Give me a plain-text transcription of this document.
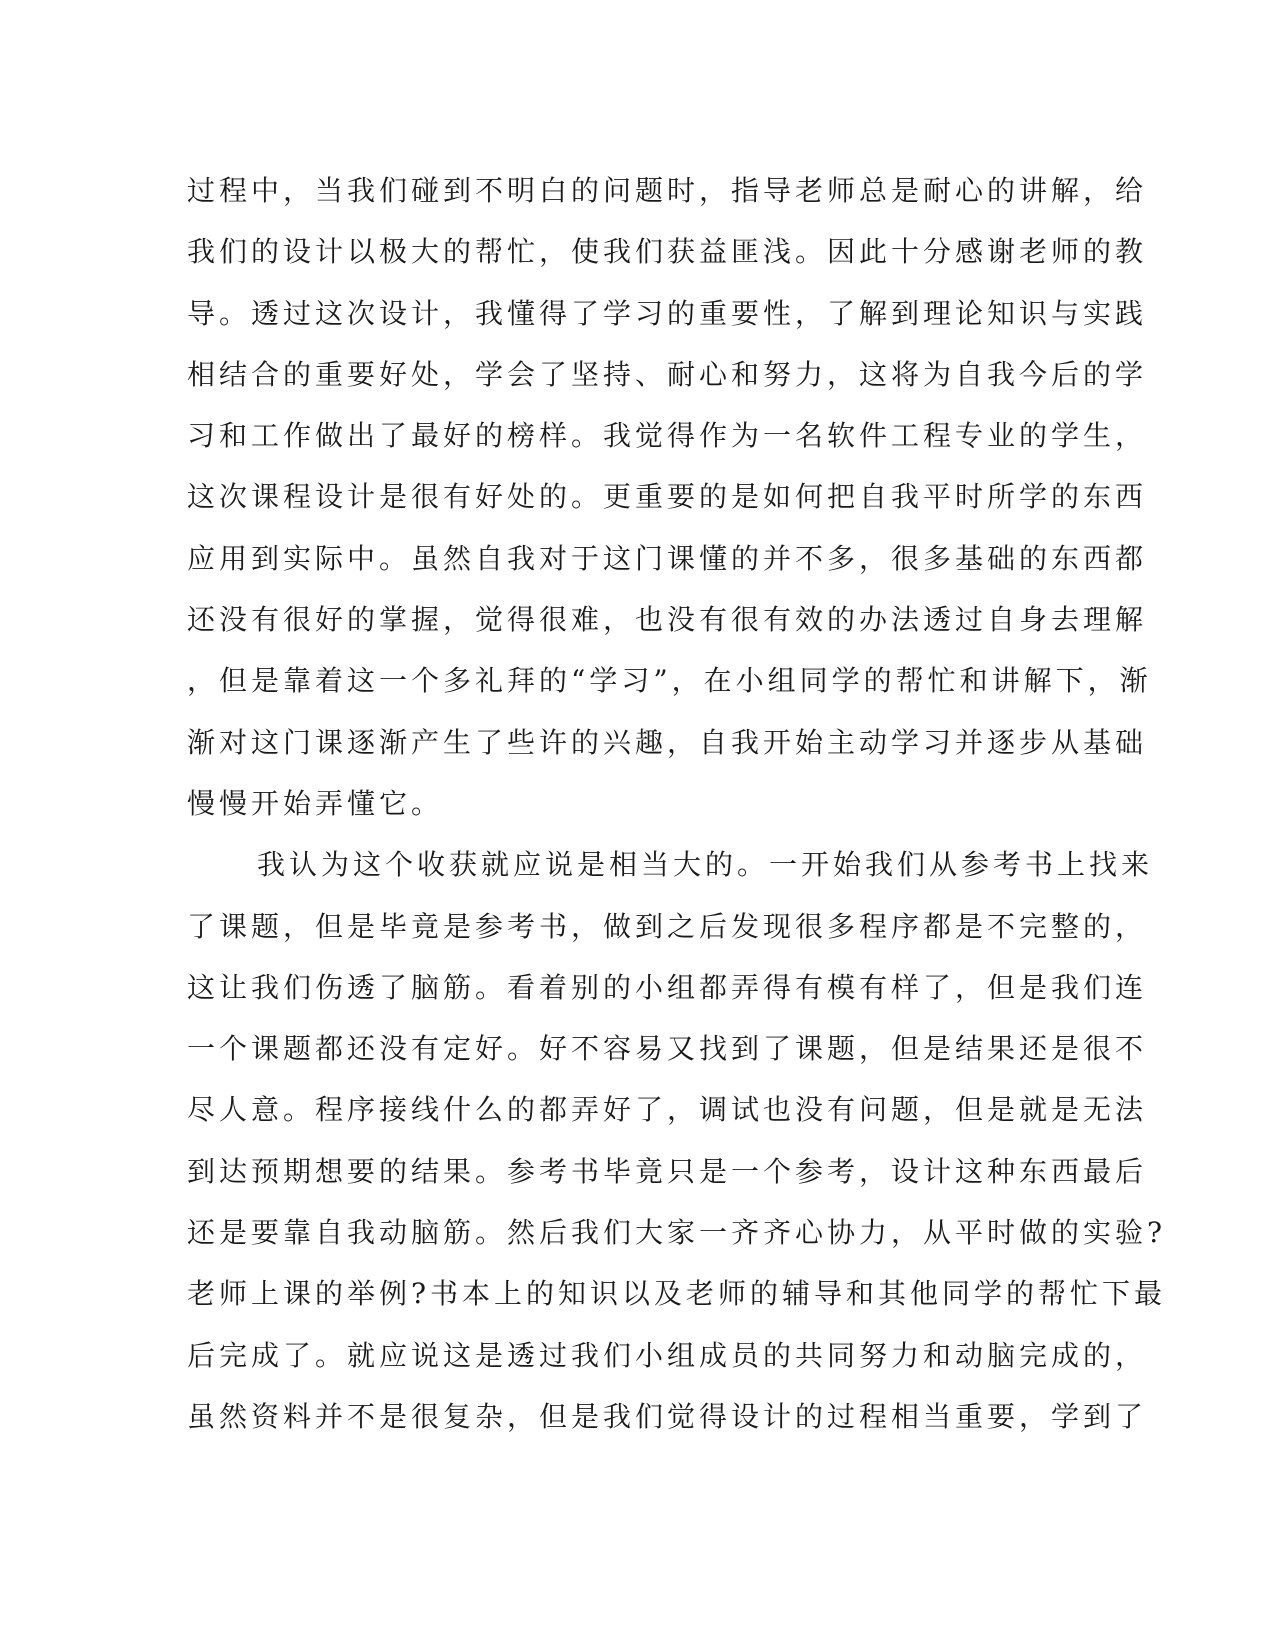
过程中，当我们碰到不明白的问题时，指导老师总是耐心的讲解，给
我们的设计以极大的帮忙，使我们获益匪浅。因此十分感谢老师的教
导。透过这次设计，我懂得了学习的重要性，了解到理论知识与实践
相结合的重要好处，学会了坚持、耐心和努力，这将为自我今后的学
习和工作做出了最好的榜样。我觉得作为一名软件工程专业的学生，
这次课程设计是很有好处的。更重要的是如何把自我平时所学的东西
应用到实际中。虽然自我对于这门课懂的并不多，很多基础的东西都
还没有很好的掌握，觉得很难，也没有很有效的办法透过自身去理解
，但是靠着这一个多礼拜的“学习”，在小组同学的帮忙和讲解下，渐
渐对这门课逐渐产生了些许的兴趣，自我开始主动学习并逐步从基础
慢慢开始弄懂它。
我认为这个收获就应说是相当大的。一开始我们从参考书上找来
了课题，但是毕竟是参考书，做到之后发现很多程序都是不完整的，
这让我们伤透了脑筋。看着别的小组都弄得有模有样了，但是我们连
一个课题都还没有定好。好不容易又找到了课题，但是结果还是很不
尽人意。程序接线什么的都弄好了，调试也没有问题，但是就是无法
到达预期想要的结果。参考书毕竟只是一个参考，设计这种东西最后
还是要靠自我动脑筋。然后我们大家一齐齐心协力，从平时做的实验?
老师上课的举例?书本上的知识以及老师的辅导和其他同学的帮忙下最
后完成了。就应说这是透过我们小组成员的共同努力和动脑完成的，
虽然资料并不是很复杂，但是我们觉得设计的过程相当重要，学到了
